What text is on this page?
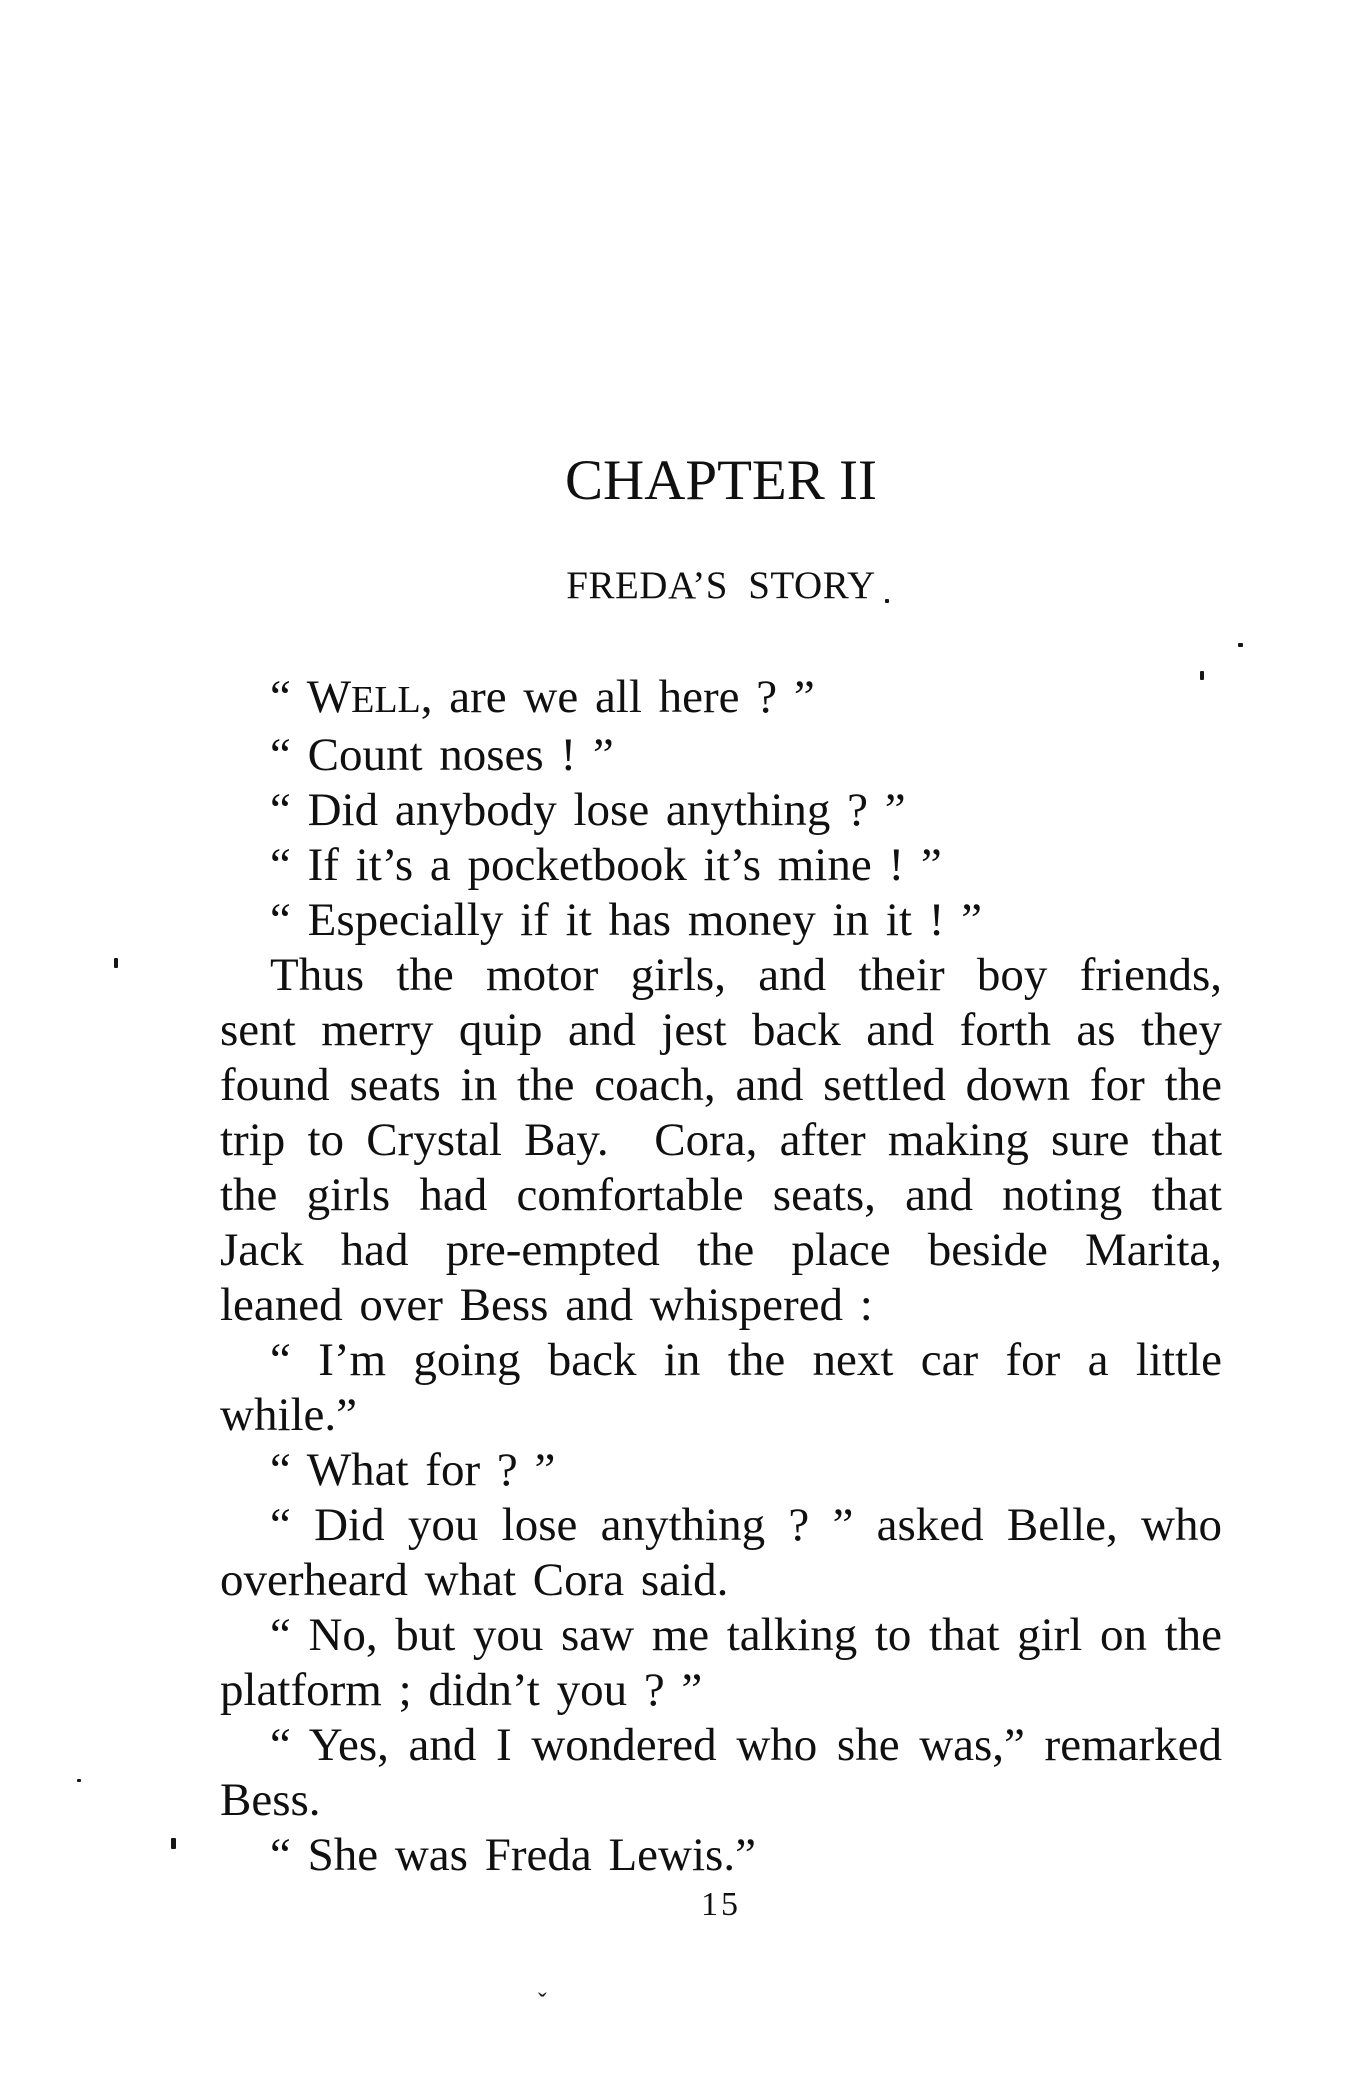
CHAPTER II
FREDA’S STORY
“ WELL, are we all here ? ”
“ Count noses ! ”
“ Did anybody lose anything ? ”
“ If it’s a pocketbook it’s mine ! ”
“ Especially if it has money in it ! ”
Thus the motor girls, and their boy friends,
sent merry quip and jest back and forth as they
found seats in the coach, and settled down for the
trip to Crystal Bay.  Cora, after making sure that
the girls had comfortable seats, and noting that
Jack had pre-empted the place beside Marita,
leaned over Bess and whispered :
“ I’m going back in the next car for a little
while.”
“ What for ? ”
“ Did you lose anything ? ” asked Belle, who
overheard what Cora said.
“ No, but you saw me talking to that girl on the
platform ; didn’t you ? ”
“ Yes, and I wondered who she was,” remarked
Bess.
“ She was Freda Lewis.”
15
ˇ
